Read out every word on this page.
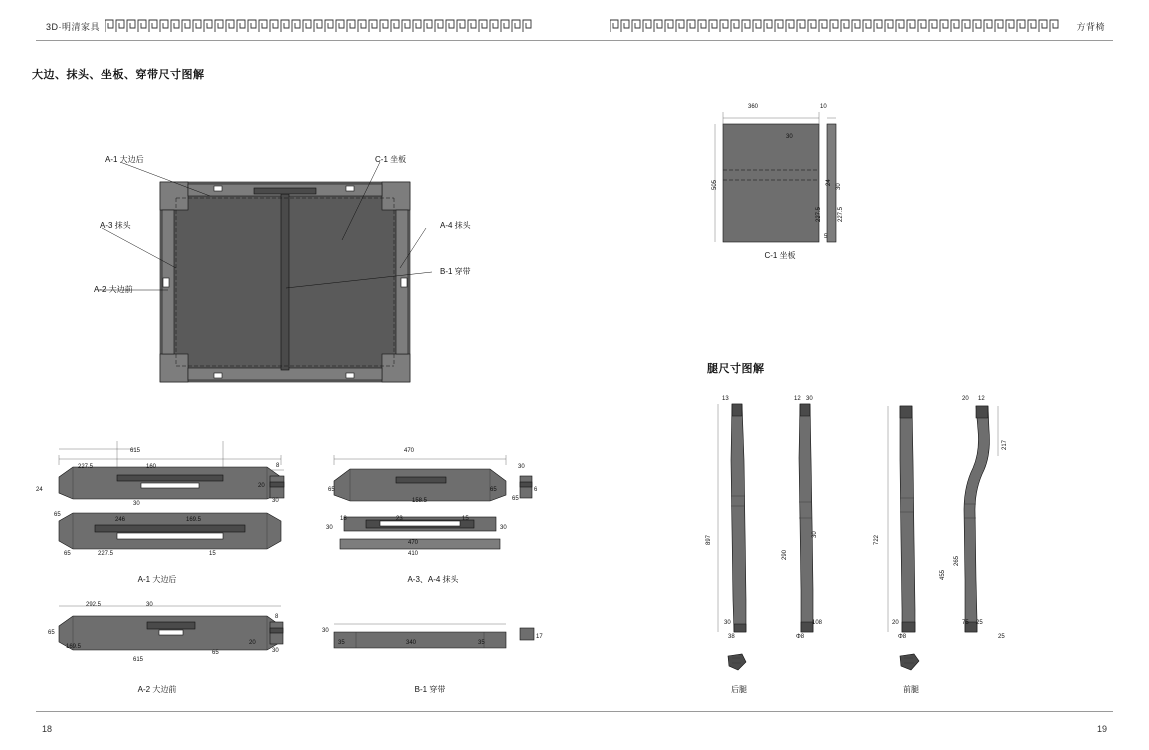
3D·明清家具	方背椅
大边、抹头、坐板、穿带尺寸图解
腿尺寸图解
A-1 大边后
A-3 抹头
A-2 大边前
C-1 坐板
A-4 抹头
B-1 穿带
615
227.5	160
24
20
30
8
65
246	169.5
65	227.5	15
A-1 大边后
30
470
65	65
158.5
30
6
65
18	23	15
30	30
470
410
A-3、A-4 抹头
292.5	30
8
65
169.5
615
65
20
30
A-2 大边前
35	340	35
30
17
B-1 穿带
360	10
30
505	24
30
227.5	227.5
5
C-1 坐板
13
897
30
38
12 30
290
30
Φ8
108
后腿
722
455
20
Φ8
20 12
217
265
75 25
25
前腿
18	19
